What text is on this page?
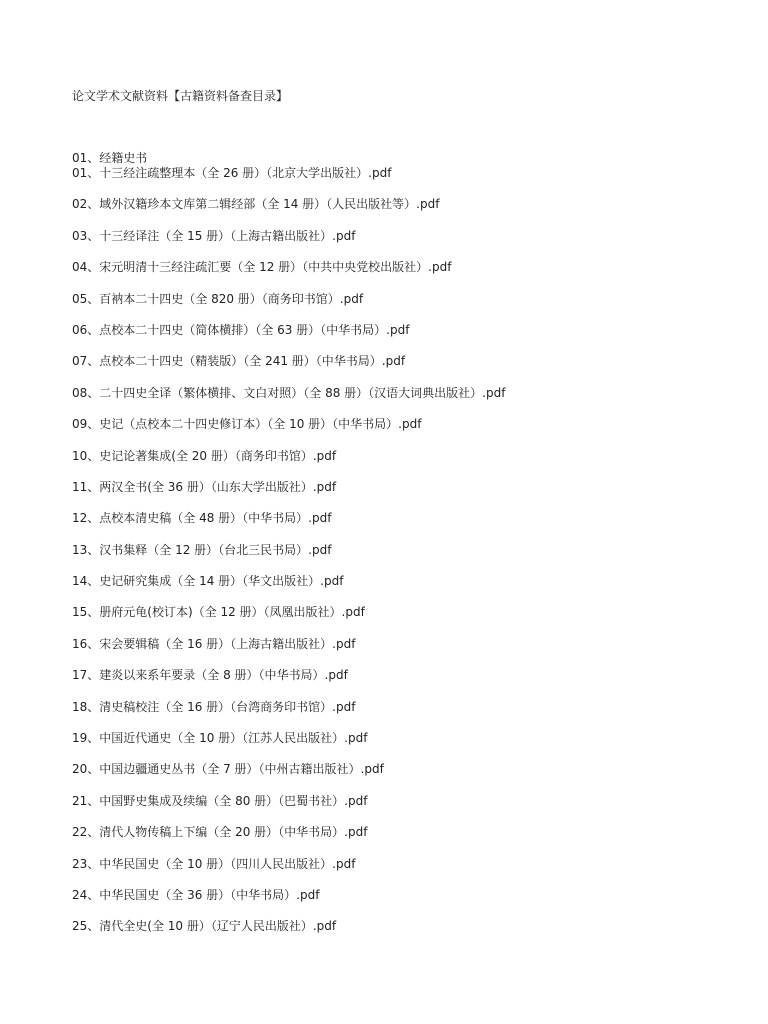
论文学术文献资料【古籍资料备查目录】
01、经籍史书
01、十三经注疏整理本（全 26 册）（北京大学出版社）.pdf
02、域外汉籍珍本文库第二辑经部（全 14 册）（人民出版社等）.pdf
03、十三经译注（全 15 册）（上海古籍出版社）.pdf
04、宋元明清十三经注疏汇要（全 12 册）（中共中央党校出版社）.pdf
05、百衲本二十四史（全 820 册）（商务印书馆）.pdf
06、点校本二十四史（简体横排）（全 63 册）（中华书局）.pdf
07、点校本二十四史（精装版）（全 241 册）（中华书局）.pdf
08、二十四史全译（繁体横排、文白对照）（全 88 册）（汉语大词典出版社）.pdf
09、史记（点校本二十四史修订本）（全 10 册）（中华书局）.pdf
10、史记论著集成(全 20 册）（商务印书馆）.pdf
11、两汉全书(全 36 册）（山东大学出版社）.pdf
12、点校本清史稿（全 48 册）（中华书局）.pdf
13、汉书集释（全 12 册）（台北三民书局）.pdf
14、史记研究集成（全 14 册）（华文出版社）.pdf
15、册府元龟(校订本)（全 12 册）（凤凰出版社）.pdf
16、宋会要辑稿（全 16 册）（上海古籍出版社）.pdf
17、建炎以来系年要录（全 8 册）（中华书局）.pdf
18、清史稿校注（全 16 册）（台湾商务印书馆）.pdf
19、中国近代通史（全 10 册）（江苏人民出版社）.pdf
20、中国边疆通史丛书（全 7 册）（中州古籍出版社）.pdf
21、中国野史集成及续编（全 80 册）（巴蜀书社）.pdf
22、清代人物传稿上下编（全 20 册）（中华书局）.pdf
23、中华民国史（全 10 册）（四川人民出版社）.pdf
24、中华民国史（全 36 册）（中华书局）.pdf
25、清代全史(全 10 册）（辽宁人民出版社）.pdf
